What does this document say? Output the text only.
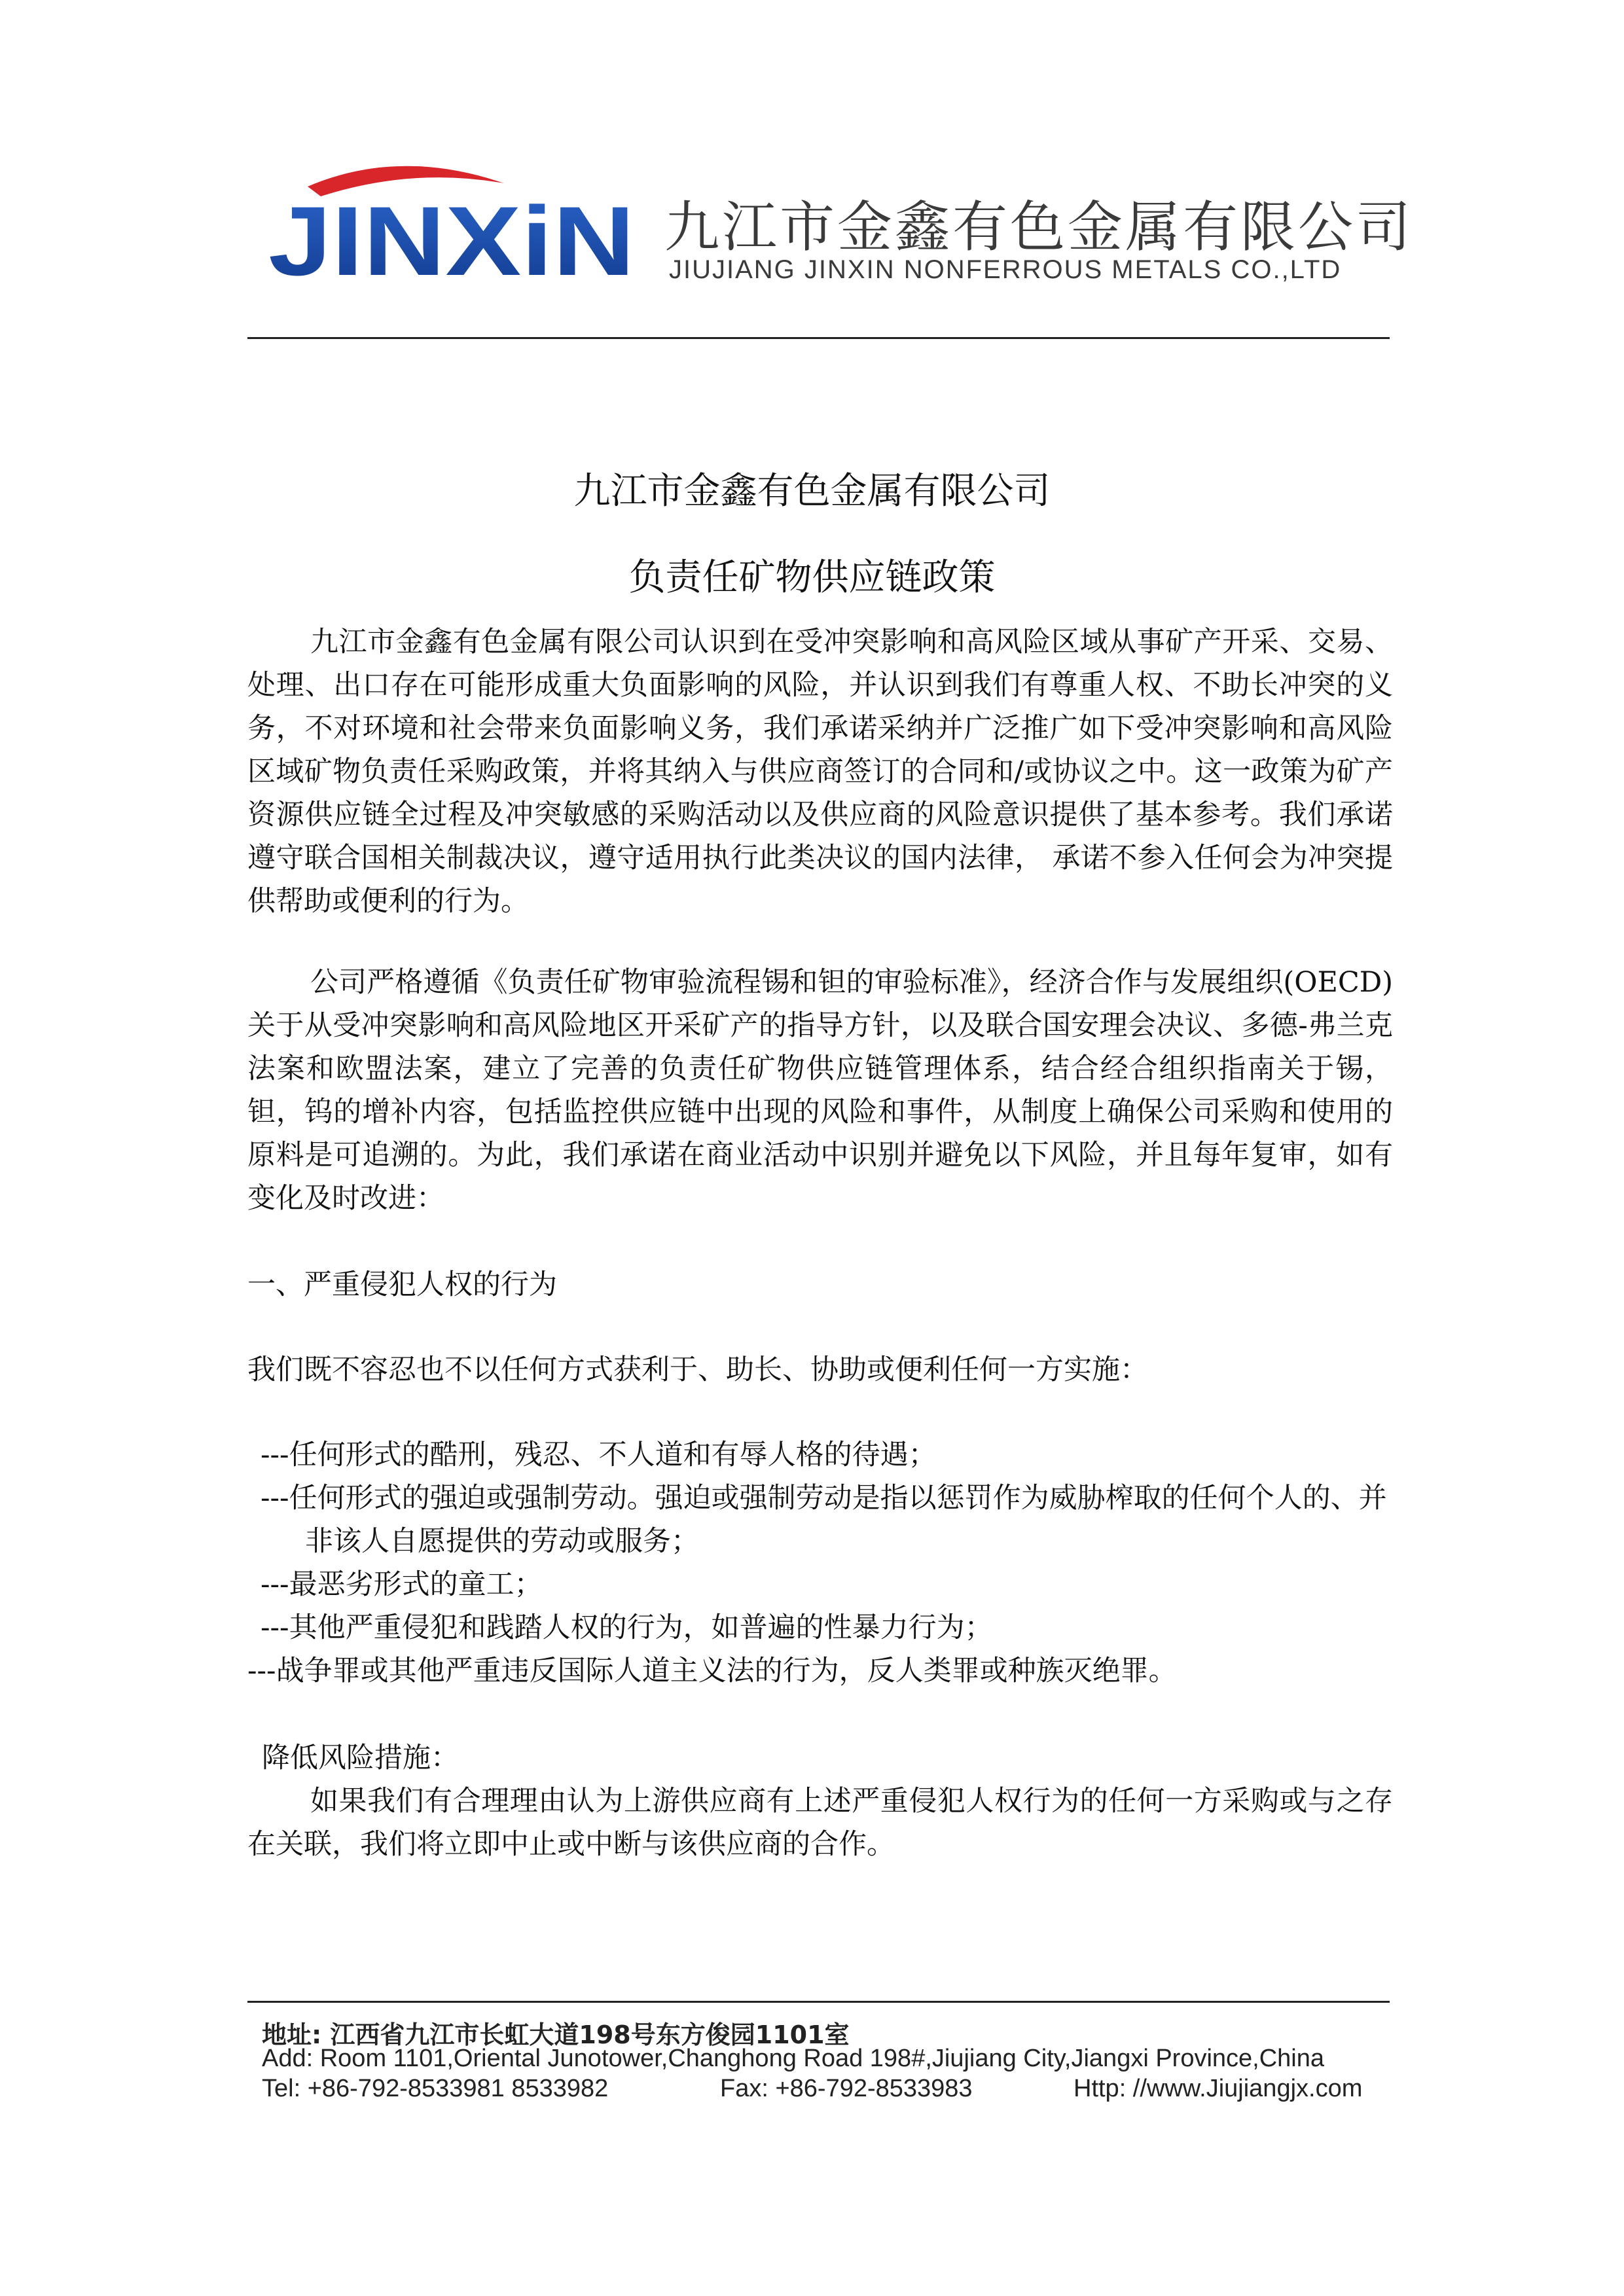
JINXiN 九江市金鑫有色金属有限公司
JIUJIANG JINXIN NONFERROUS METALS CO.,LTD
九江市金鑫有色金属有限公司
负责任矿物供应链政策

九江市金鑫有色金属有限公司认识到在受冲突影响和高风险区域从事矿产开采、交易、处理、出口存在可能形成重大负面影响的风险，并认识到我们有尊重人权、不助长冲突的义务，不对环境和社会带来负面影响义务，我们承诺采纳并广泛推广如下受冲突影响和高风险区域矿物负责任采购政策，并将其纳入与供应商签订的合同和/或协议之中。这一政策为矿产资源供应链全过程及冲突敏感的采购活动以及供应商的风险意识提供了基本参考。我们承诺遵守联合国相关制裁决议，遵守适用执行此类决议的国内法律， 承诺不参入任何会为冲突提供帮助或便利的行为。

公司严格遵循《负责任矿物审验流程锡和钽的审验标准》，经济合作与发展组织(OECD)关于从受冲突影响和高风险地区开采矿产的指导方针，以及联合国安理会决议、多德-弗兰克法案和欧盟法案，建立了完善的负责任矿物供应链管理体系，结合经合组织指南关于锡，钽，钨的增补内容，包括监控供应链中出现的风险和事件，从制度上确保公司采购和使用的原料是可追溯的。为此，我们承诺在商业活动中识别并避免以下风险，并且每年复审，如有变化及时改进：

一、严重侵犯人权的行为

我们既不容忍也不以任何方式获利于、助长、协助或便利任何一方实施：

---任何形式的酷刑，残忍、不人道和有辱人格的待遇；
---任何形式的强迫或强制劳动。强迫或强制劳动是指以惩罚作为威胁榨取的任何个人的、并非该人自愿提供的劳动或服务；
---最恶劣形式的童工；
---其他严重侵犯和践踏人权的行为，如普遍的性暴力行为；
---战争罪或其他严重违反国际人道主义法的行为，反人类罪或种族灭绝罪。

降低风险措施：

如果我们有合理理由认为上游供应商有上述严重侵犯人权行为的任何一方采购或与之存在关联，我们将立即中止或中断与该供应商的合作。

地址: 江西省九江市长虹大道198号东方俊园1101室
Add: Room 1101,Oriental Junotower,Changhong Road 198#,Jiujiang City,Jiangxi Province,China
Tel: +86-792-8533981 8533982	Fax: +86-792-8533983	Http: //www.Jiujiangjx.com
